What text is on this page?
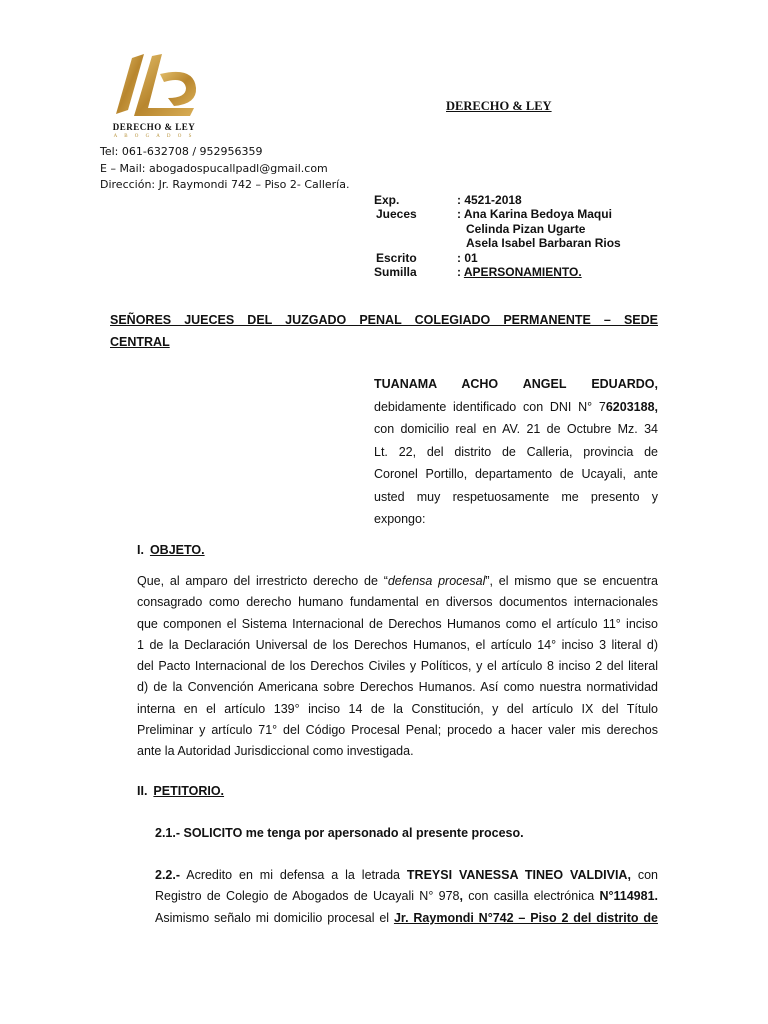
DERECHO & LEY
A B O G A D O S
Tel: 061-632708 / 952956359
E – Mail: abogadospucallpadl@gmail.com
Dirección: Jr. Raymondi 742 – Piso 2- Callería.
DERECHO & LEY
Exp.	: 4521-2018
Jueces	: Ana Karina Bedoya Maqui
Celinda Pizan Ugarte
Asela Isabel Barbaran Rios
Escrito	: 01
Sumilla	: APERSONAMIENTO.
SEÑORES JUECES DEL JUZGADO PENAL COLEGIADO PERMANENTE – SEDE
CENTRAL
TUANAMA ACHO ANGEL EDUARDO,
debidamente identificado con DNI N° 76203188,
con domicilio real en AV. 21 de Octubre Mz. 34
Lt. 22, del distrito de Calleria, provincia de
Coronel Portillo, departamento de Ucayali, ante
usted muy respetuosamente me presento y
expongo:
I. OBJETO.
Que, al amparo del irrestricto derecho de “defensa procesal”, el mismo que se encuentra
consagrado como derecho humano fundamental en diversos documentos internacionales
que componen el Sistema Internacional de Derechos Humanos como el artículo 11° inciso
1 de la Declaración Universal de los Derechos Humanos, el artículo 14° inciso 3 literal d)
del Pacto Internacional de los Derechos Civiles y Políticos, y el artículo 8 inciso 2 del literal
d) de la Convención Americana sobre Derechos Humanos. Así como nuestra normatividad
interna en el artículo 139° inciso 14 de la Constitución, y del artículo IX del Título
Preliminar y artículo 71° del Código Procesal Penal; procedo a hacer valer mis derechos
ante la Autoridad Jurisdiccional como investigada.
II. PETITORIO.
2.1.- SOLICITO me tenga por apersonado al presente proceso.
2.2.- Acredito en mi defensa a la letrada TREYSI VANESSA TINEO VALDIVIA, con
Registro de Colegio de Abogados de Ucayali N° 978, con casilla electrónica N°114981.
Asimismo señalo mi domicilio procesal el Jr. Raymondi N°742 – Piso 2 del distrito de
